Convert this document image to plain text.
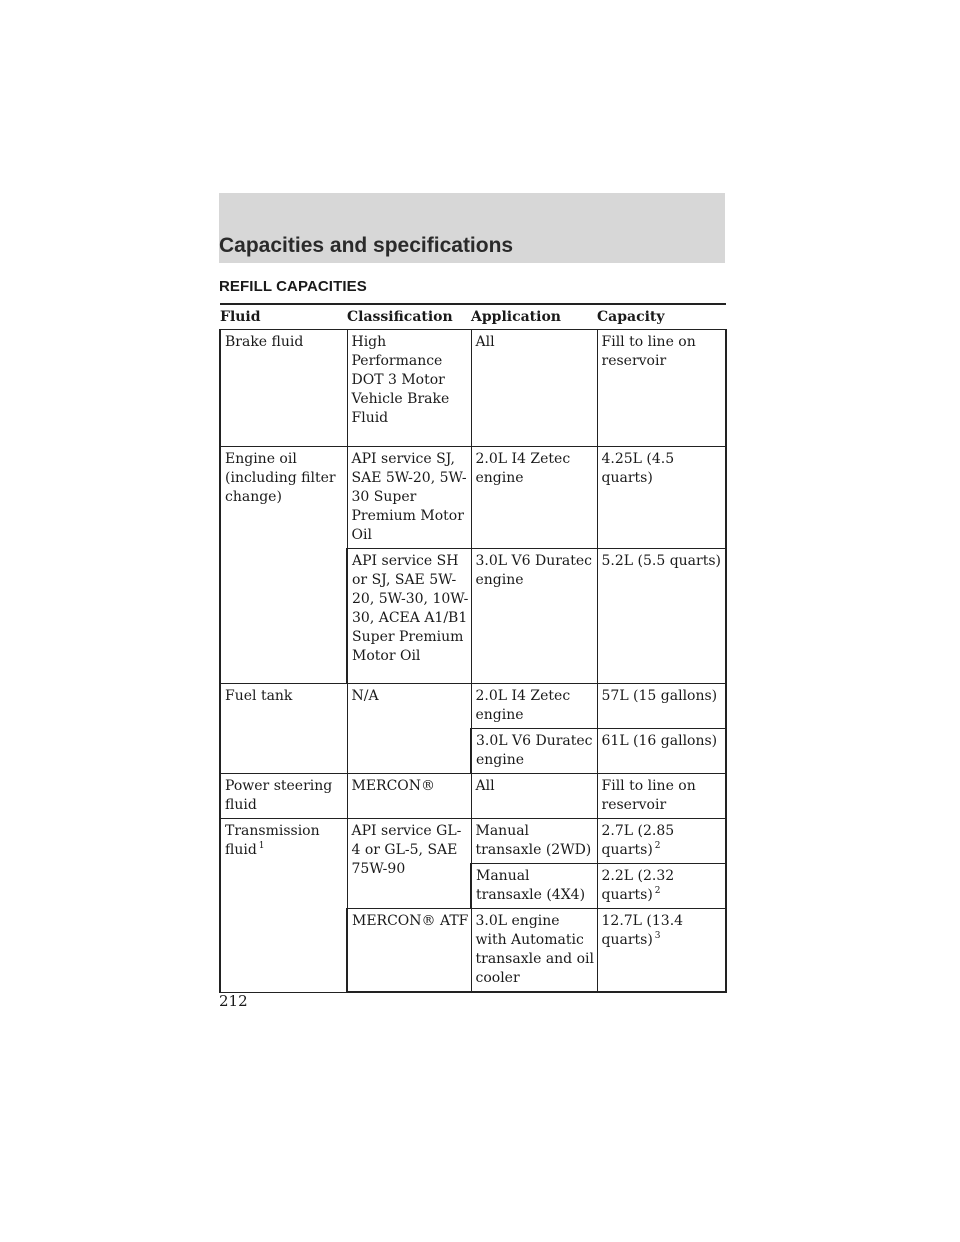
Capacities and specifications
REFILL CAPACITIES
Fluid	Classification	Application	Capacity
Brake fluid	High Performance DOT 3 Motor Vehicle Brake Fluid	All	Fill to line on reservoir
Engine oil (including filter change)	API service SJ, SAE 5W-20, 5W-30 Super Premium Motor Oil	2.0L I4 Zetec engine	4.25L (4.5 quarts)
	API service SH or SJ, SAE 5W-20, 5W-30, 10W-30, ACEA A1/B1 Super Premium Motor Oil	3.0L V6 Duratec engine	5.2L (5.5 quarts)
Fuel tank	N/A	2.0L I4 Zetec engine	57L (15 gallons)
		3.0L V6 Duratec engine	61L (16 gallons)
Power steering fluid	MERCON®	All	Fill to line on reservoir
Transmission fluid $^1$	API service GL-4 or GL-5, SAE 75W-90	Manual transaxle (2WD)	2.7L (2.85 quarts) $^2$
		Manual transaxle (4X4)	2.2L (2.32 quarts) $^2$
	MERCON® ATF	3.0L engine with Automatic transaxle and oil cooler	12.7L (13.4 quarts) $^3$
212
